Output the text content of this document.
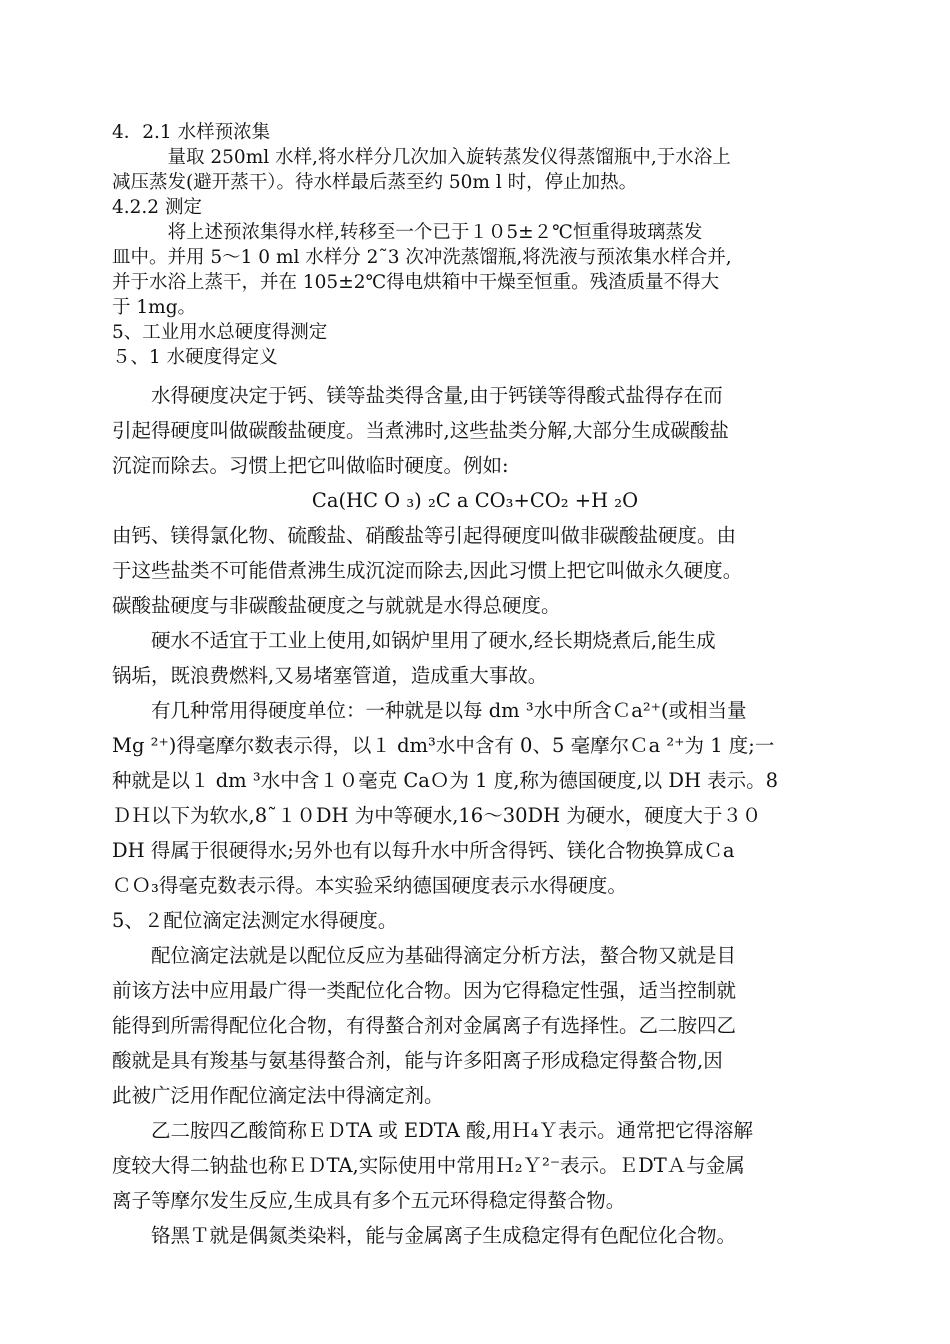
4．2.1 水样预浓集

量取 250ml 水样,将水样分几次加入旋转蒸发仪得蒸馏瓶中,于水浴上

减压蒸发(避开蒸干）。待水样最后蒸至约 50m l 时，停止加热。

4.2.2 测定

将上述预浓集得水样,转移至一个已于１０5±２℃恒重得玻璃蒸发

皿中。并用 5～1 0 ml 水样分 2˜3 次冲洗蒸馏瓶,将洗液与预浓集水样合并,

并于水浴上蒸干，并在 105±2℃得电烘箱中干燥至恒重。残渣质量不得大

于 1mg。

5、工业用水总硬度得测定

５、1 水硬度得定义

水得硬度决定于钙、镁等盐类得含量,由于钙镁等得酸式盐得存在而

引起得硬度叫做碳酸盐硬度。当煮沸时,这些盐类分解,大部分生成碳酸盐

沉淀而除去。习惯上把它叫做临时硬度。例如:

Ca(HC O ₃) ₂C a CO₃+CO₂ +H ₂O

由钙、镁得氯化物、硫酸盐、硝酸盐等引起得硬度叫做非碳酸盐硬度。由

于这些盐类不可能借煮沸生成沉淀而除去,因此习惯上把它叫做永久硬度。

碳酸盐硬度与非碳酸盐硬度之与就就是水得总硬度。

硬水不适宜于工业上使用,如锅炉里用了硬水,经长期烧煮后,能生成

锅垢，既浪费燃料,又易堵塞管道，造成重大事故。

有几种常用得硬度单位：一种就是以每 dm ³水中所含Ｃa²⁺(或相当量

Mg ²⁺)得毫摩尔数表示得，以１ dm³水中含有 0、5 毫摩尔Ｃa ²⁺为 1 度;一

种就是以１ dm ³水中含１０毫克 CaＯ为 1 度,称为德国硬度,以 DH 表示。8

ＤＨ以下为软水,8˜１０DH 为中等硬水,16～30DH 为硬水，硬度大于３０

DH 得属于很硬得水;另外也有以每升水中所含得钙、镁化合物换算成Ｃa

ＣＯ₃得毫克数表示得。本实验采纳德国硬度表示水得硬度。

5、２配位滴定法测定水得硬度。

配位滴定法就是以配位反应为基础得滴定分析方法，螯合物又就是目

前该方法中应用最广得一类配位化合物。因为它得稳定性强，适当控制就

能得到所需得配位化合物，有得螯合剂对金属离子有选择性。乙二胺四乙

酸就是具有羧基与氨基得螯合剂，能与许多阳离子形成稳定得螯合物,因

此被广泛用作配位滴定法中得滴定剂。

乙二胺四乙酸简称ＥＤTA 或 EDTA 酸,用Ｈ₄Ｙ表示。通常把它得溶解

度较大得二钠盐也称ＥＤTA,实际使用中常用Ｈ₂Ｙ²⁻表示。ＥDTＡ与金属

离子等摩尔发生反应,生成具有多个五元环得稳定得螯合物。

铬黑Ｔ就是偶氮类染料，能与金属离子生成稳定得有色配位化合物。
